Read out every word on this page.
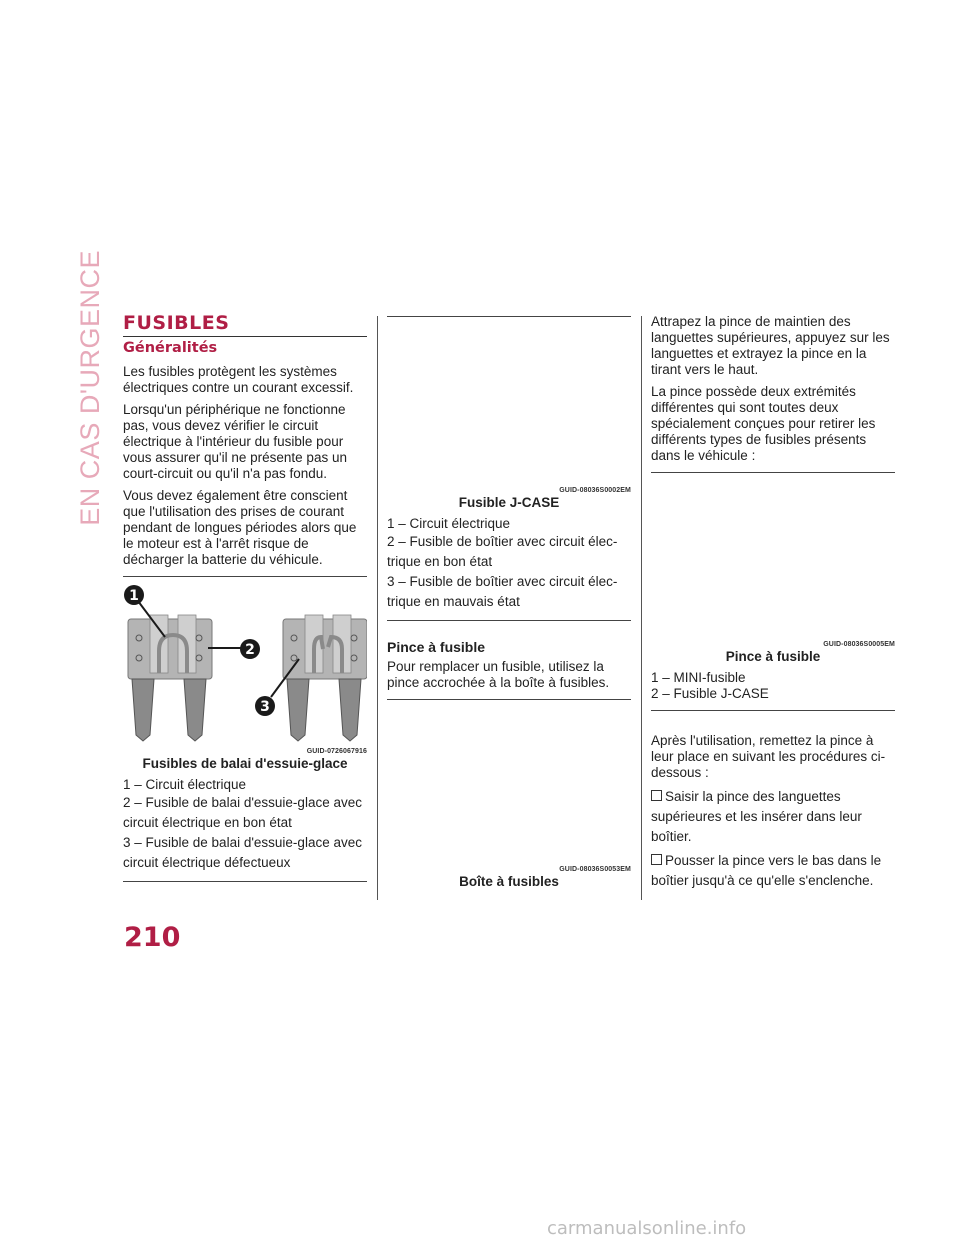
EN CAS D'URGENCE
210
FUSIBLES
Généralités

Les fusibles protègent les systèmes électriques contre un courant excessif.

Lorsqu'un périphérique ne fonctionne pas, vous devez vérifier le circuit électrique à l'intérieur du fusible pour vous assurer qu'il ne présente pas un court-circuit ou qu'il n'a pas fondu.

Vous devez également être conscient que l'utilisation des prises de courant pendant de longues périodes alors que le moteur est à l'arrêt risque de décharger la batterie du véhicule.

1
2
3
GUID-0726067916
Fusibles de balai d'essuie-glace
1 – Circuit électrique
2 – Fusible de balai d'essuie-glace avec circuit électrique en bon état
3 – Fusible de balai d'essuie-glace avec circuit électrique défectueux
GUID-08036S0002EM
Fusible J-CASE
1 – Circuit électrique
2 – Fusible de boîtier avec circuit élec-trique en bon état
3 – Fusible de boîtier avec circuit élec-trique en mauvais état
Pince à fusible

Pour remplacer un fusible, utilisez la pince accrochée à la boîte à fusibles.

GUID-08036S0053EM
Boîte à fusibles

Attrapez la pince de maintien des languettes supérieures, appuyez sur les languettes et extrayez la pince en la tirant vers le haut.

La pince possède deux extrémités différentes qui sont toutes deux spécialement conçues pour retirer les différents types de fusibles présents dans le véhicule :

GUID-08036S0005EM
Pince à fusible
1 – MINI-fusible
2 – Fusible J-CASE

Après l'utilisation, remettez la pince à leur place en suivant les procédures ci-dessous :

Saisir la pince des languettes supérieures et les insérer dans leur boîtier.
Pousser la pince vers le bas dans le boîtier jusqu'à ce qu'elle s'enclenche.
carmanualsonline.info
